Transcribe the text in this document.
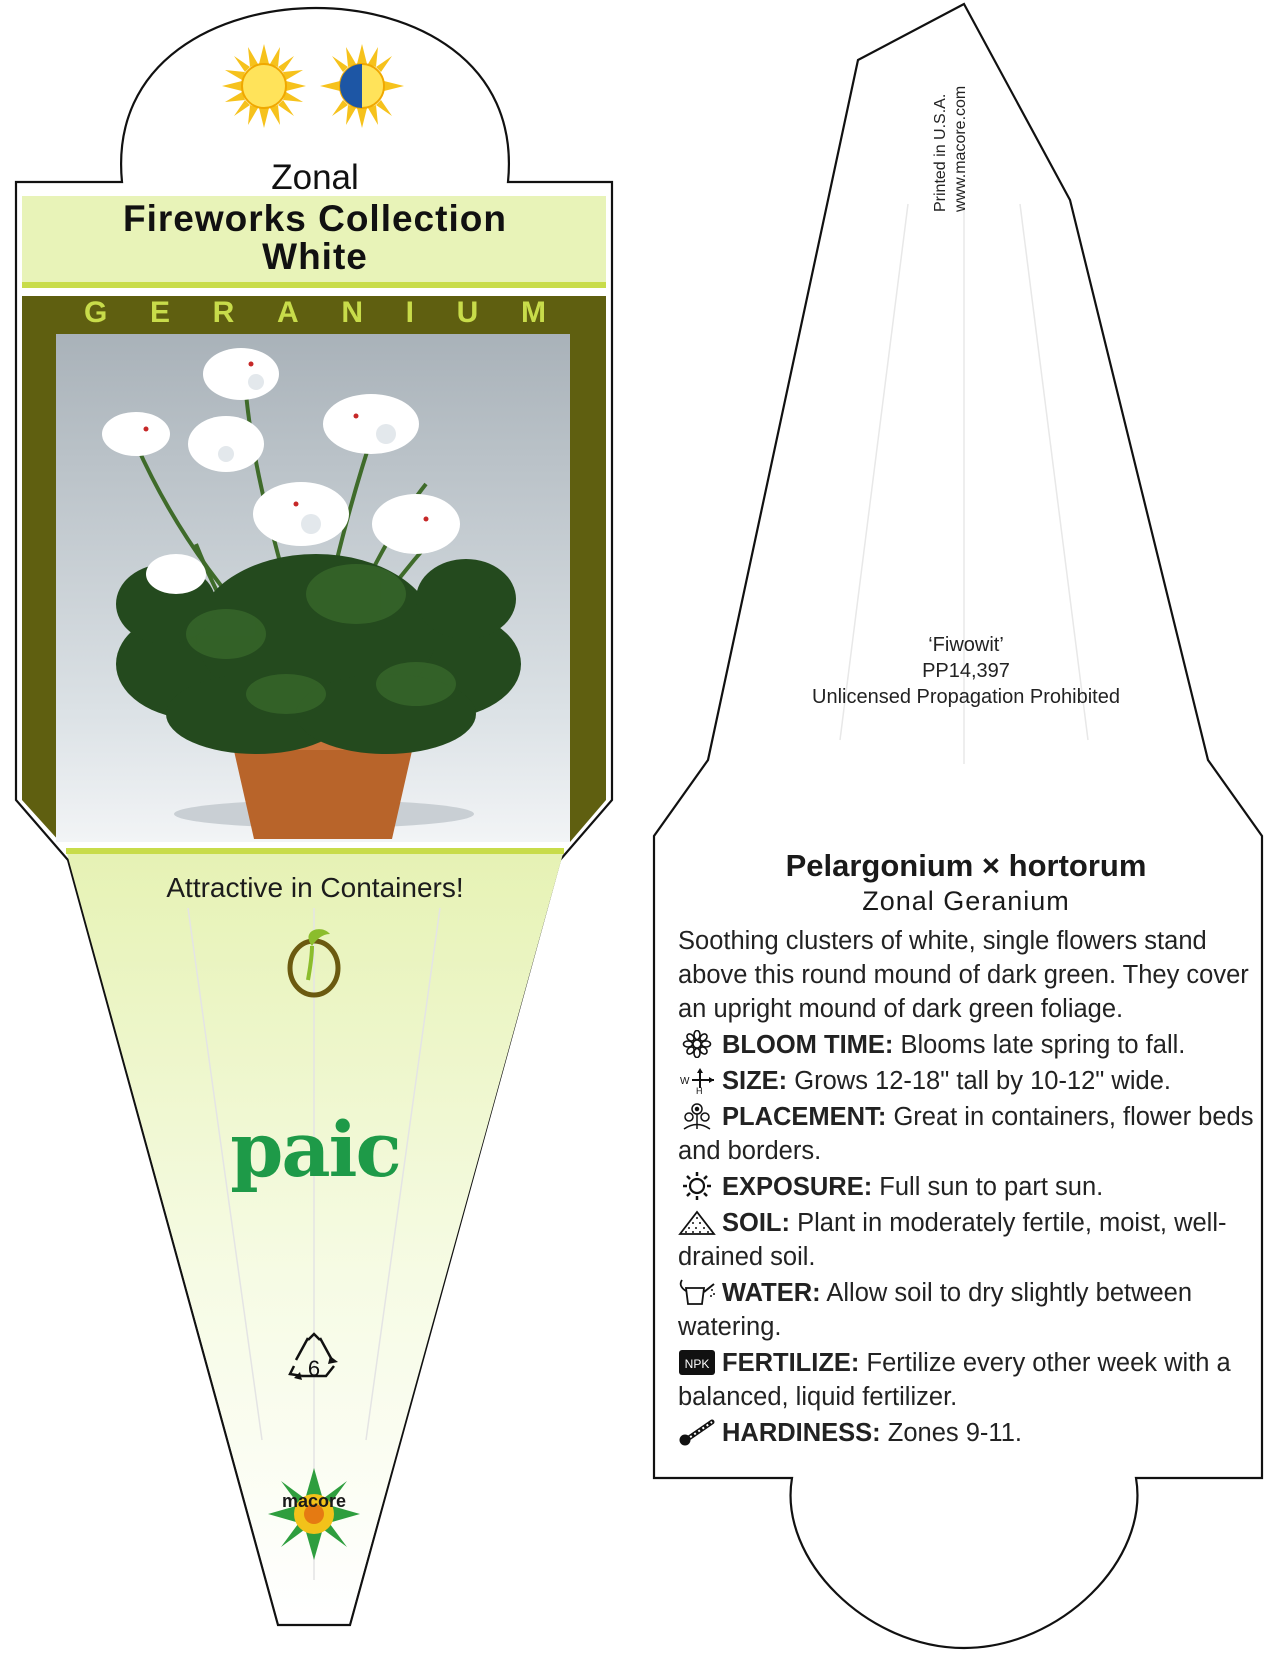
Zonal
Fireworks Collection
White
G E R A N I U M
Attractive in Containers!
paic
6
macore
Printed in U.S.A. www.macore.com
‘Fiwowit’
PP14,397
Unlicensed Propagation Prohibited
Pelargonium × hortorum
Zonal Geranium

Soothing clusters of white, single flowers stand above this round mound of dark green. They cover an upright mound of dark green foliage.

BLOOM TIME: Blooms late spring to fall.

W
H SIZE: Grows 12-18" tall by 10-12" wide.

PLACEMENT: Great in containers, flower beds and borders.

EXPOSURE: Full sun to part sun.

SOIL: Plant in moderately fertile, moist, well-drained soil.

WATER: Allow soil to dry slightly between watering.

NPK FERTILIZE: Fertilize every other week with a balanced, liquid fertilizer.

HARDINESS: Zones 9-11.
